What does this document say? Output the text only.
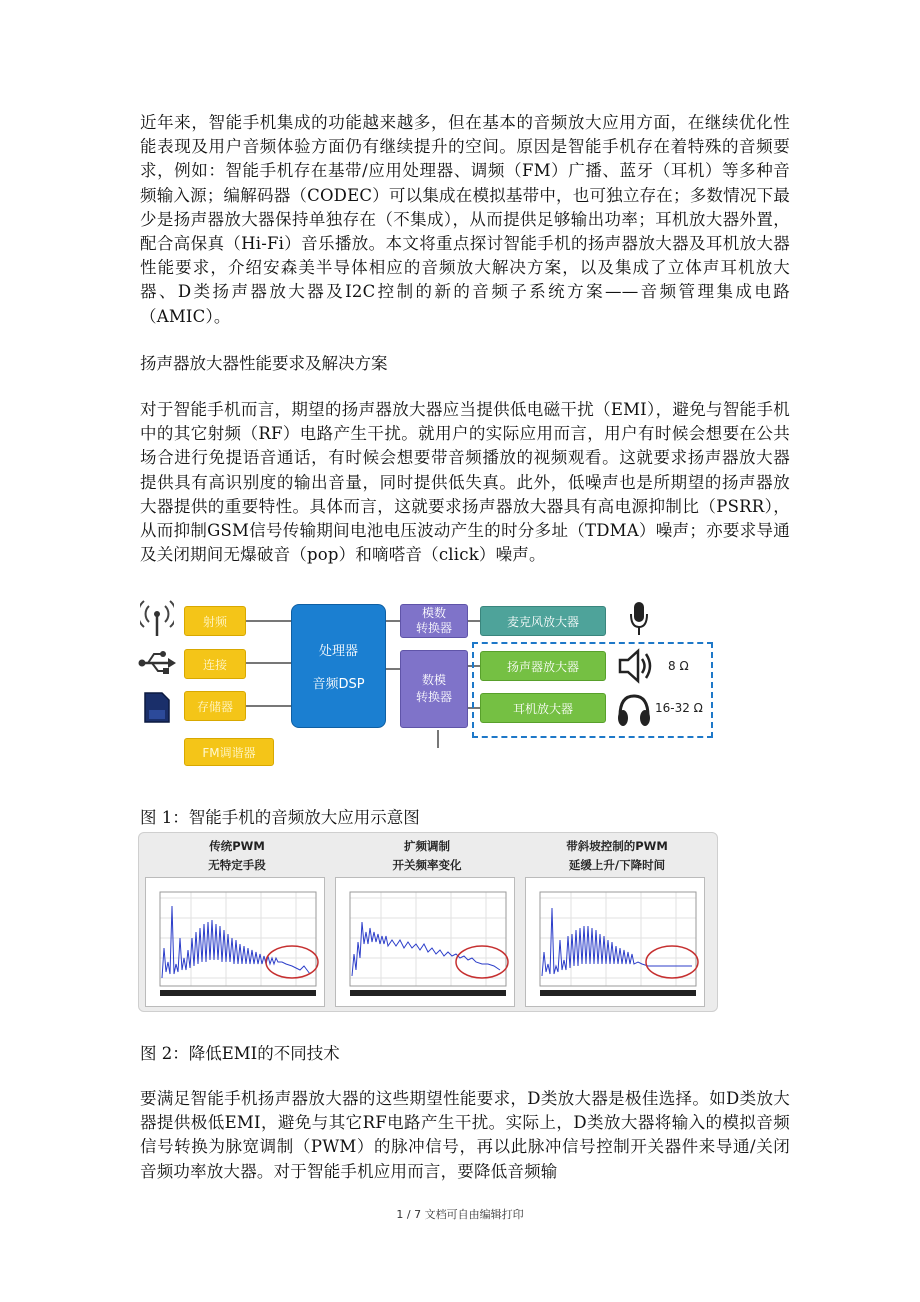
近年来，智能手机集成的功能越来越多，但在基本的音频放大应用方面，在继续优化性能表现及用户音频体验方面仍有继续提升的空间。原因是智能手机存在着特殊的音频要求，例如：智能手机存在基带/应用处理器、调频（FM）广播、蓝牙（耳机）等多种音频输入源；编解码器（CODEC）可以集成在模拟基带中，也可独立存在；多数情况下最少是扬声器放大器保持单独存在（不集成），从而提供足够输出功率；耳机放大器外置，配合高保真（Hi-Fi）音乐播放。本文将重点探讨智能手机的扬声器放大器及耳机放大器性能要求，介绍安森美半导体相应的音频放大解决方案，以及集成了立体声耳机放大器、D类扬声器放大器及I2C控制的新的音频子系统方案——音频管理集成电路（AMIC）。

扬声器放大器性能要求及解决方案

对于智能手机而言，期望的扬声器放大器应当提供低电磁干扰（EMI），避免与智能手机中的其它射频（RF）电路产生干扰。就用户的实际应用而言，用户有时候会想要在公共场合进行免提语音通话，有时候会想要带音频播放的视频观看。这就要求扬声器放大器提供具有高识别度的输出音量，同时提供低失真。此外，低噪声也是所期望的扬声器放大器提供的重要特性。具体而言，这就要求扬声器放大器具有高电源抑制比（PSRR），从而抑制GSM信号传输期间电池电压波动产生的时分多址（TDMA）噪声；亦要求导通及关闭期间无爆破音（pop）和嘀嗒音（click）噪声。

射频
连接
存储器
FM调谐器
处理器
音频DSP
模数
转换器
数模
转换器
麦克风放大器
扬声器放大器
耳机放大器
8 Ω
16-32 Ω

图 1：智能手机的音频放大应用示意图

传统PWM
无特定手段
扩频调制
开关频率变化
带斜坡控制的PWM
延缓上升/下降时间

图 2：降低EMI的不同技术

要满足智能手机扬声器放大器的这些期望性能要求，D类放大器是极佳选择。如D类放大器提供极低EMI，避免与其它RF电路产生干扰。实际上，D类放大器将输入的模拟音频信号转换为脉宽调制（PWM）的脉冲信号，再以此脉冲信号控制开关器件来导通/关闭音频功率放大器。对于智能手机应用而言，要降低音频输

1 / 7 文档可自由编辑打印
